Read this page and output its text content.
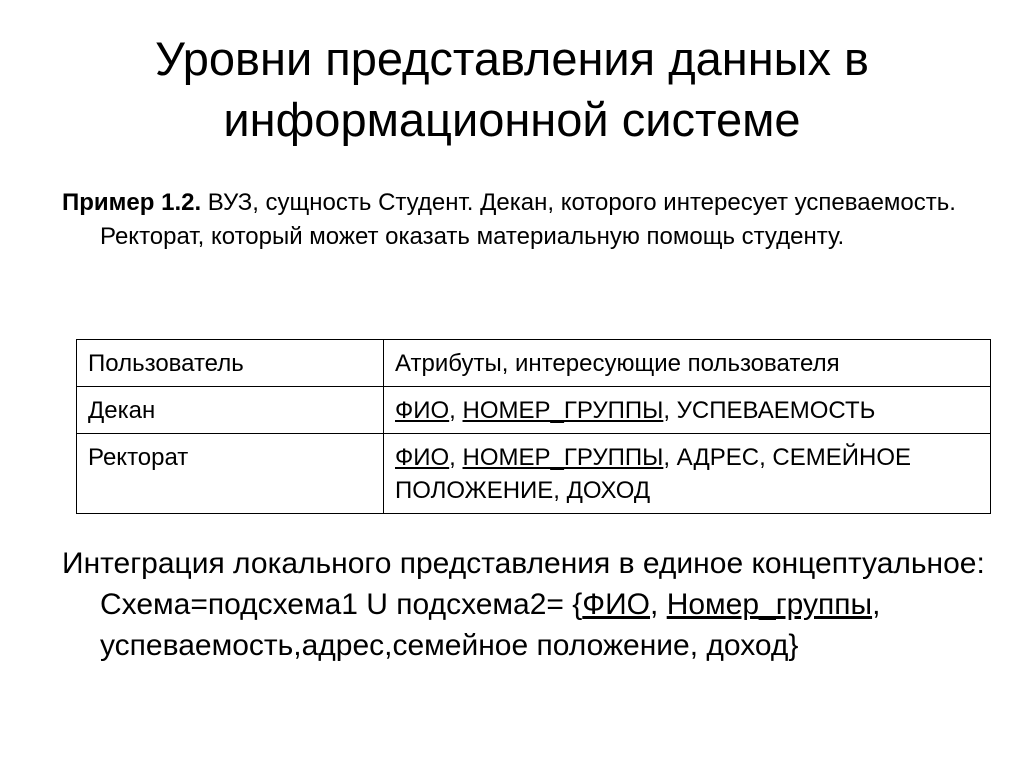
Уровни представления данных в
информационной системе
Пример 1.2. ВУЗ, сущность Студент. Декан, которого интересует успеваемость. Ректорат, который может оказать материальную помощь студенту.
Пользователь	Атрибуты, интересующие пользователя
Декан	ФИО, НОМЕР_ГРУППЫ, УСПЕВАЕМОСТЬ
Ректорат	ФИО, НОМЕР_ГРУППЫ, АДРЕС, СЕМЕЙНОЕ ПОЛОЖЕНИЕ, ДОХОД
Интеграция локального представления в единое концептуальное: Схема=подсхема1 U подсхема2= {ФИО, Номер_группы, успеваемость,адрес,семейное положение, доход}
